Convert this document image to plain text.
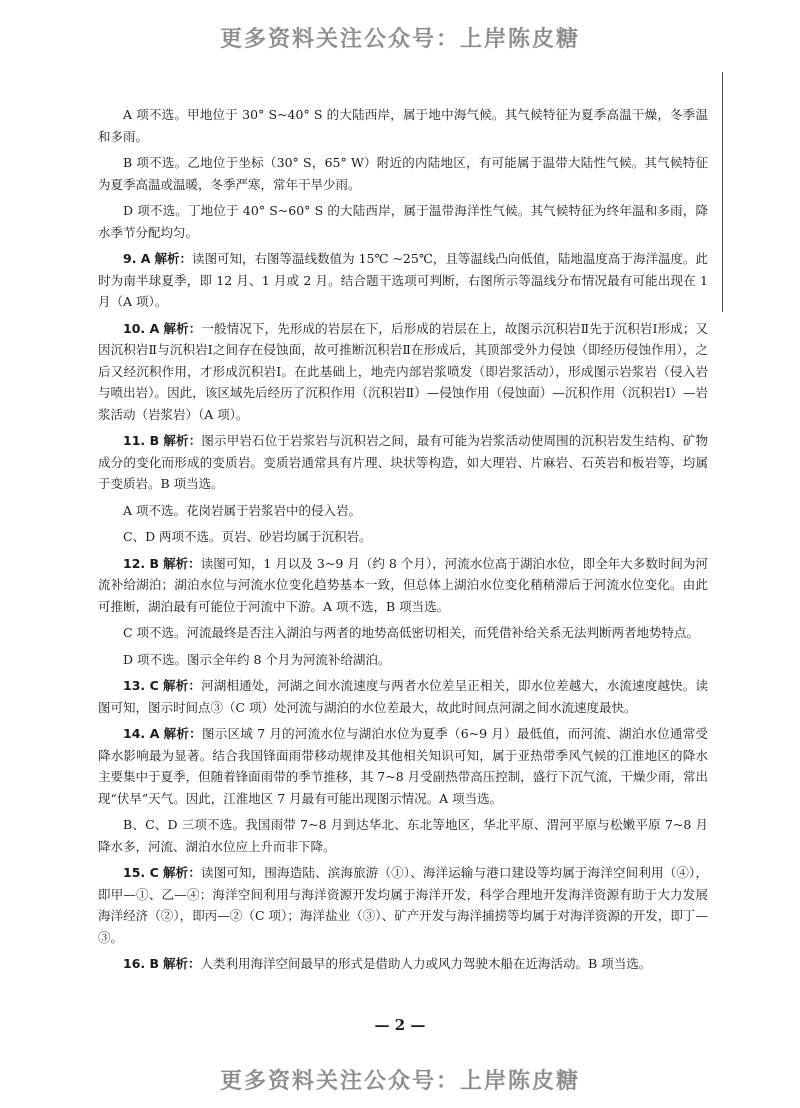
更多资料关注公众号：上岸陈皮糖

A 项不选。甲地位于 30° S~40° S 的大陆西岸，属于地中海气候。其气候特征为夏季高温干燥，冬季温和多雨。

B 项不选。乙地位于坐标（30° S，65° W）附近的内陆地区，有可能属于温带大陆性气候。其气候特征为夏季高温或温暖，冬季严寒，常年干旱少雨。

D 项不选。丁地位于 40° S~60° S 的大陆西岸，属于温带海洋性气候。其气候特征为终年温和多雨，降水季节分配均匀。

9. A 解析：读图可知，右图等温线数值为 15℃ ~25℃，且等温线凸向低值，陆地温度高于海洋温度。此时为南半球夏季，即 12 月、1 月或 2 月。结合题干选项可判断，右图所示等温线分布情况最有可能出现在 1 月（A 项）。

10. A 解析：一般情况下，先形成的岩层在下，后形成的岩层在上，故图示沉积岩Ⅱ先于沉积岩Ⅰ形成；又因沉积岩Ⅱ与沉积岩Ⅰ之间存在侵蚀面，故可推断沉积岩Ⅱ在形成后，其顶部受外力侵蚀（即经历侵蚀作用），之后又经沉积作用，才形成沉积岩Ⅰ。在此基础上，地壳内部岩浆喷发（即岩浆活动），形成图示岩浆岩（侵入岩与喷出岩）。因此，该区域先后经历了沉积作用（沉积岩Ⅱ）—侵蚀作用（侵蚀面）—沉积作用（沉积岩Ⅰ）—岩浆活动（岩浆岩）（A 项）。

11. B 解析：图示甲岩石位于岩浆岩与沉积岩之间，最有可能为岩浆活动使周围的沉积岩发生结构、矿物成分的变化而形成的变质岩。变质岩通常具有片理、块状等构造，如大理岩、片麻岩、石英岩和板岩等，均属于变质岩。B 项当选。

A 项不选。花岗岩属于岩浆岩中的侵入岩。

C、D 两项不选。页岩、砂岩均属于沉积岩。

12. B 解析：读图可知，1 月以及 3~9 月（约 8 个月），河流水位高于湖泊水位，即全年大多数时间为河流补给湖泊；湖泊水位与河流水位变化趋势基本一致，但总体上湖泊水位变化稍稍滞后于河流水位变化。由此可推断，湖泊最有可能位于河流中下游。A 项不选，B 项当选。

C 项不选。河流最终是否注入湖泊与两者的地势高低密切相关，而凭借补给关系无法判断两者地势特点。

D 项不选。图示全年约 8 个月为河流补给湖泊。

13. C 解析：河湖相通处，河湖之间水流速度与两者水位差呈正相关，即水位差越大，水流速度越快。读图可知，图示时间点③（C 项）处河流与湖泊的水位差最大，故此时间点河湖之间水流速度最快。

14. A 解析：图示区域 7 月的河流水位与湖泊水位为夏季（6~9 月）最低值，而河流、湖泊水位通常受降水影响最为显著。结合我国锋面雨带移动规律及其他相关知识可知，属于亚热带季风气候的江淮地区的降水主要集中于夏季，但随着锋面雨带的季节推移，其 7~8 月受副热带高压控制，盛行下沉气流，干燥少雨，常出现“伏旱”天气。因此，江淮地区 7 月最有可能出现图示情况。A 项当选。

B、C、D 三项不选。我国雨带 7~8 月到达华北、东北等地区，华北平原、渭河平原与松嫩平原 7~8 月降水多，河流、湖泊水位应上升而非下降。

15. C 解析：读图可知，围海造陆、滨海旅游（①）、海洋运输与港口建设等均属于海洋空间利用（④），即甲—①、乙—④；海洋空间利用与海洋资源开发均属于海洋开发，科学合理地开发海洋资源有助于大力发展海洋经济（②），即丙—②（C 项）；海洋盐业（③）、矿产开发与海洋捕捞等均属于对海洋资源的开发，即丁—③。

16. B 解析：人类利用海洋空间最早的形式是借助人力或风力驾驶木船在近海活动。B 项当选。

— 2 —
更多资料关注公众号：上岸陈皮糖
